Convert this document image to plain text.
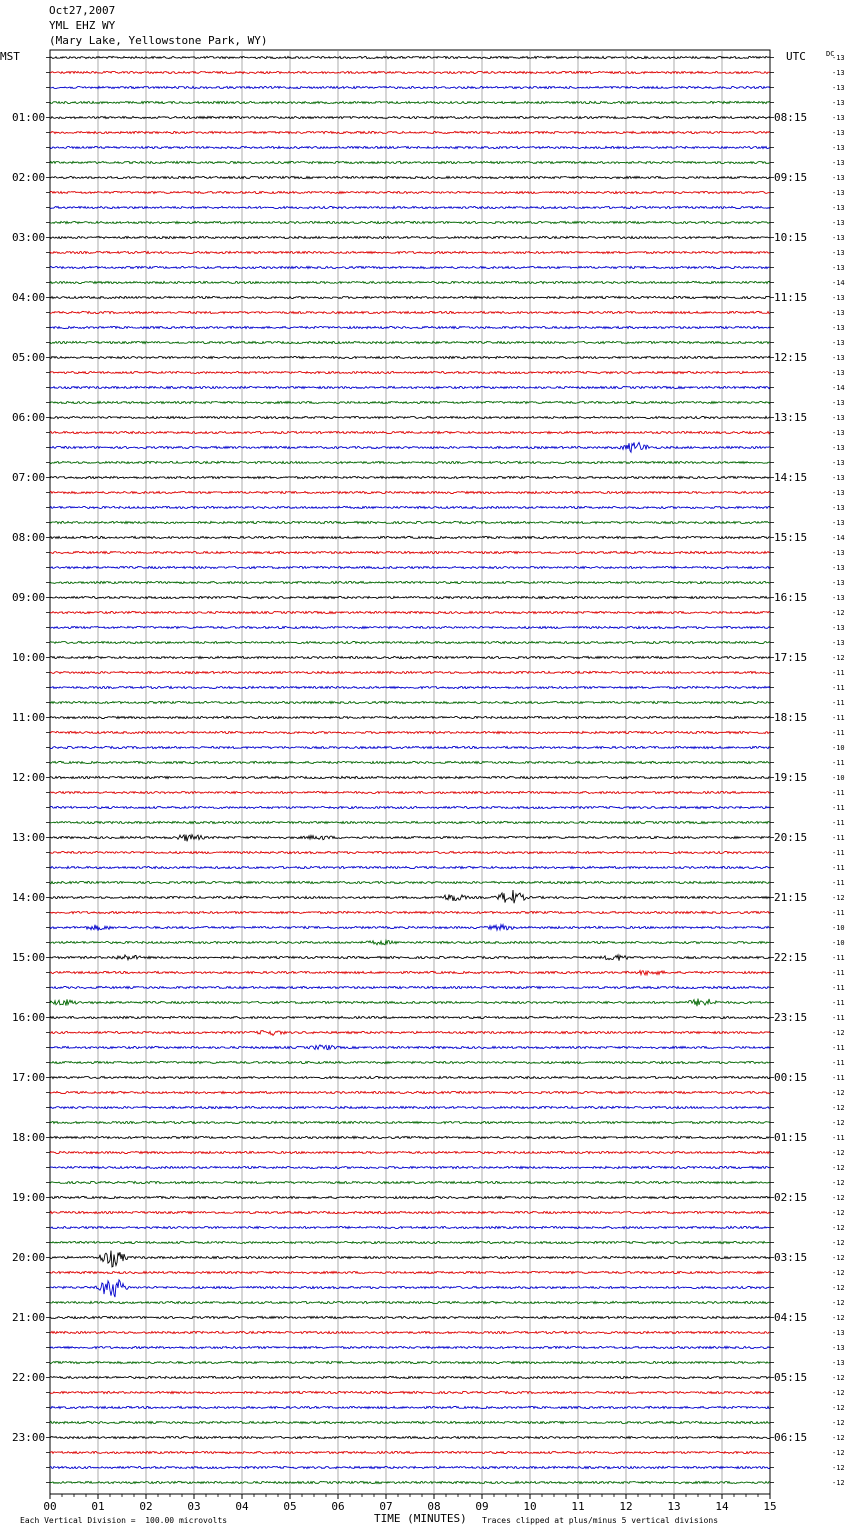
Oct27,2007
YML EHZ WY
(Mary Lake, Yellowstone Park, WY)
MST	UTC	DC
01:00
02:00
03:00
04:00
05:00
06:00
07:00
08:00
09:00
10:00
11:00
12:00
13:00
14:00
15:00
16:00
17:00
18:00
19:00
20:00
21:00
22:00
23:00
08:15
09:15
10:15
11:15
12:15
13:15
14:15
15:15
16:15
17:15
18:15
19:15
20:15
21:15
22:15
23:15
00:15
01:15
02:15
03:15
04:15
05:15
06:15
-13
-13
-13
-13
-13
-13
-13
-13
-13
-13
-13
-13
-13
-13
-13
-14
-13
-13
-13
-13
-13
-13
-14
-13
-13
-13
-13
-13
-13
-13
-13
-13
-14
-13
-13
-13
-13
-12
-13
-13
-12
-11
-11
-11
-11
-11
-10
-11
-10
-11
-11
-11
-11
-11
-11
-11
-12
-11
-10
-10
-11
-11
-11
-11
-11
-12
-11
-11
-11
-12
-12
-12
-11
-12
-12
-12
-12
-12
-12
-12
-12
-12
-12
-12
-12
-13
-13
-13
-12
-12
-12
-12
-12
-12
-12
-12
00	01	02	03	04	05	06	07	08	09	10	11	12	13	14	15
Each Vertical Division =  100.00 microvolts	TIME (MINUTES) Traces clipped at plus/minus 5 vertical divisions
